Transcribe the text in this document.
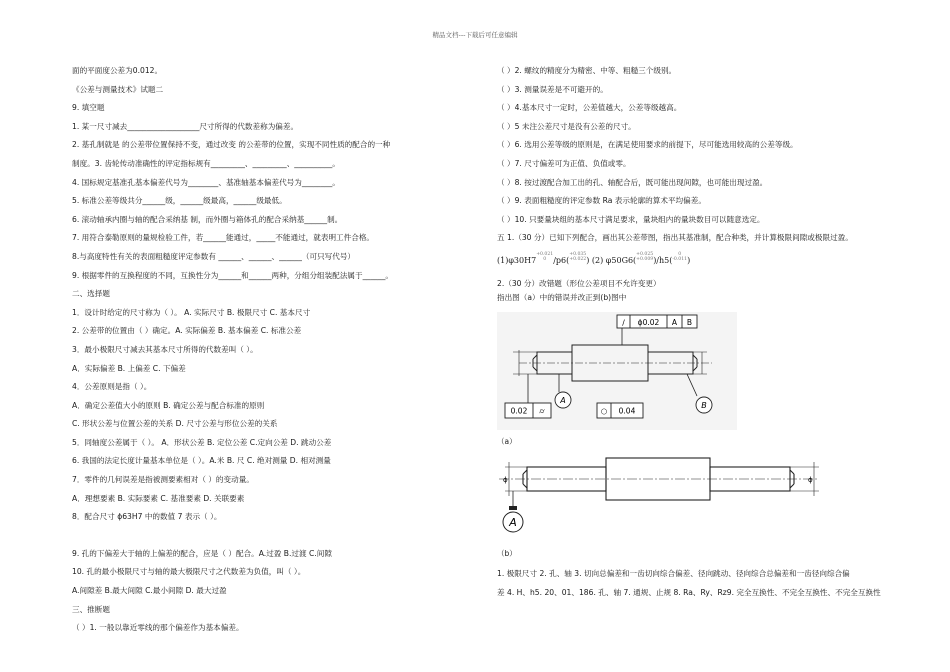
精品文档---下载后可任意编辑
面的平面度公差为0.012。
《公差与测量技术》试题二
9. 填空题
1. 某一尺寸减去___________________尺寸所得的代数差称为偏差。
2. 基孔制就是 的公差带位置保持不变，通过改变 的公差带的位置，实现不同性质的配合的一种
制度。3. 齿轮传动准确性的评定指标规有_________、_________、__________。
4. 国标规定基准孔基本偏差代号为________、基准轴基本偏差代号为________。
5. 标准公差等级共分______级，______级最高，______级最低。
6. 滚动轴承内圈与轴的配合采纳基 制，而外圈与箱体孔的配合采纳基______制。
7. 用符合泰勒原则的量规检验工件，若______能通过，_____不能通过，就表明工件合格。
8.与高度特性有关的表面粗糙度评定参数有 ______、______、______（可只写代号）
9. 根据零件的互换程度的不同，互换性分为______和______两种，分组分组装配法属于______。
二、选择题
1．设计时给定的尺寸称为（ ）。 A. 实际尺寸 B. 极限尺寸 C. 基本尺寸
2. 公差带的位置由（ ）确定。A. 实际偏差 B. 基本偏差 C. 标准公差
3．最小极限尺寸减去其基本尺寸所得的代数差叫（ ）。
A．实际偏差 B. 上偏差 C. 下偏差
4．公差原则是指（ ）。
A．确定公差值大小的原则 B. 确定公差与配合标准的原则
C. 形状公差与位置公差的关系 D. 尺寸公差与形位公差的关系
5．同轴度公差属于（ ）。 A．形状公差 B. 定位公差 C.定向公差 D. 跳动公差
6. 我国的法定长度计量基本单位是（ ）。A.米 B. 尺 C. 绝对测量 D. 相对测量
7．零件的几何误差是指被测要素相对（ ）的变动量。
A．理想要素 B. 实际要素 C. 基准要素 D. 关联要素
8．配合尺寸 ϕ63H7 中的数值 7 表示（ ）。
9. 孔的下偏差大于轴的上偏差的配合，应是（ ）配合。A.过盈 B.过渡 C.间隙
10. 孔的最小极限尺寸与轴的最大极限尺寸之代数差为负值，叫（ ）。
A.间隙差 B.最大间隙 C.最小间隙 D. 最大过盈
三、推断题
（ ）1. 一般以靠近零线的那个偏差作为基本偏差。
（ ）2. 螺纹的精度分为精密、中等、粗糙三个级别。
（ ）3. 测量误差是不可避开的。
（ ）4.基本尺寸一定时，公差值越大，公差等级越高。
（ ）5 未注公差尺寸是没有公差的尺寸。
（ ）6. 选用公差等级的原则是，在满足使用要求的前提下，尽可能选用较高的公差等级。
（ ）7. 尺寸偏差可为正值、负值或零。
（ ）8. 按过渡配合加工出的孔、轴配合后，既可能出现间隙，也可能出现过盈。
（ ）9. 表面粗糙度的评定参数 Ra 表示轮廓的算术平均偏差。
（ ）10. 只要量块组的基本尺寸满足要求，量块组内的量块数目可以随意选定。
五 1.（30 分）已知下列配合，画出其公差带图，指出其基准制，配合种类，并计算极限间隙或极限过盈。
(1)φ30H7+0.021
0 /p6(+0.035
+0.022) (2) φ50G6(+0.025
+0.009)/h5(0
-0.011)
2.（30 分）改错题（形位公差项目不允许变更）
指出图（a）中的错误并改正到(b)图中
∕ ϕ0.02 A B
A
B
0.02 ⌭	○ 0.04
（a）
ϕ	ϕ
A
（b）
1. 极限尺寸 2. 孔、轴 3. 切向总偏差和一齿切向综合偏差、径向跳动、径向综合总偏差和一齿径向综合偏
差 4. H、h5. 20、01、186. 孔、轴 7. 通规、止规 8. Ra、Ry、Rz9. 完全互换性、不完全互换性、不完全互换性
